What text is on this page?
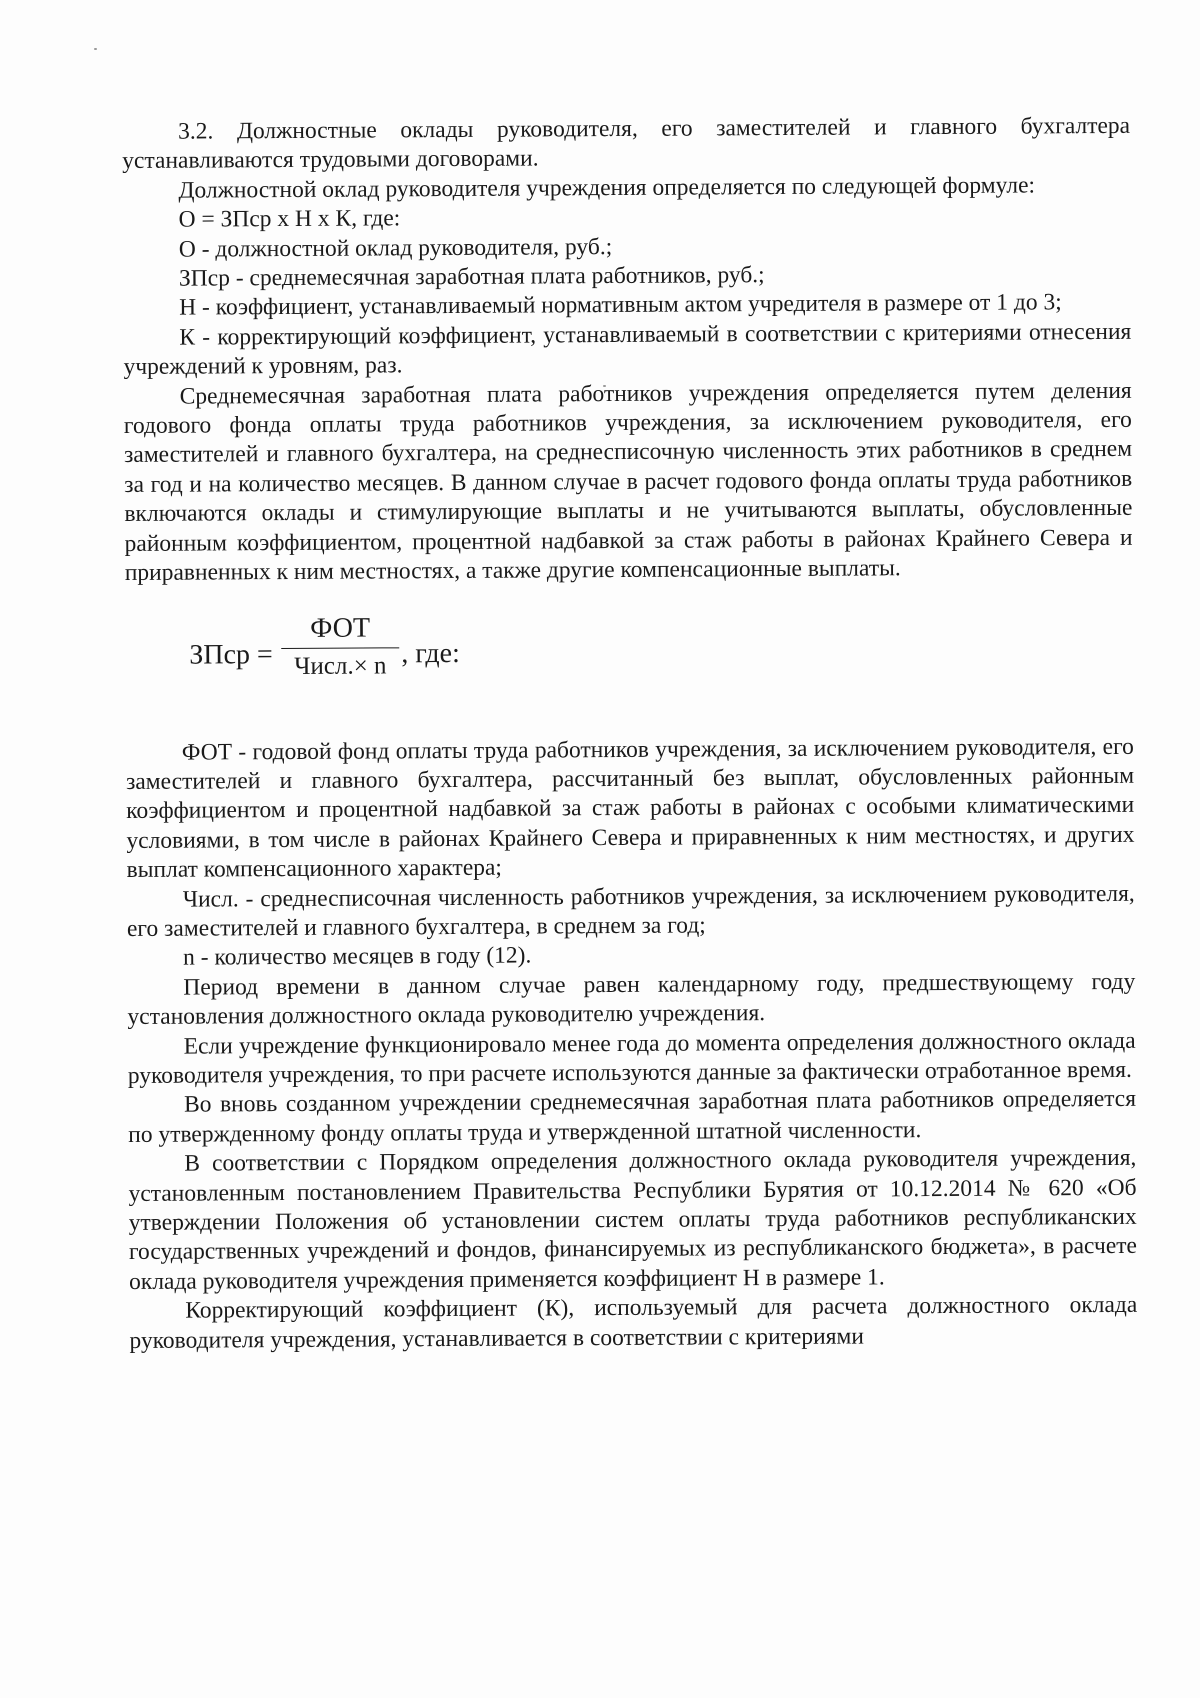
3.2. Должностные оклады руководителя, его заместителей и главного бухгалтера устанавливаются трудовыми договорами.

Должностной оклад руководителя учреждения определяется по следующей формуле:

О = ЗПср х Н х К, где:

О - должностной оклад руководителя, руб.;

ЗПср - среднемесячная заработная плата работников, руб.;

Н - коэффициент, устанавливаемый нормативным актом учредителя в размере от 1 до 3;

К - корректирующий коэффициент, устанавливаемый в соответствии с критериями отнесения учреждений к уровням, раз.

Среднемесячная заработная плата работников учреждения определяется путем деления годового фонда оплаты труда работников учреждения, за исключением руководителя, его заместителей и главного бухгалтера, на среднесписочную численность этих работников в среднем за год и на количество месяцев. В данном случае в расчет годового фонда оплаты труда работников включаются оклады и стимулирующие выплаты и не учитываются выплаты, обусловленные районным коэффициентом, процентной надбавкой за стаж работы в районах Крайнего Севера и приравненных к ним местностях, а также другие компенсационные выплаты.

ЗПср =
ФОТ
Числ.× n , где:

ФОТ - годовой фонд оплаты труда работников учреждения, за исключением руководителя, его заместителей и главного бухгалтера, рассчитанный без выплат, обусловленных районным коэффициентом и процентной надбавкой за стаж работы в районах с особыми климатическими условиями, в том числе в районах Крайнего Севера и приравненных к ним местностях, и других выплат компенсационного характера;

Числ. - среднесписочная численность работников учреждения, за исключением руководителя, его заместителей и главного бухгалтера, в среднем за год;

n - количество месяцев в году (12).

Период времени в данном случае равен календарному году, предшествующему году установления должностного оклада руководителю учреждения.

Если учреждение функционировало менее года до момента определения должностного оклада руководителя учреждения, то при расчете используются данные за фактически отработанное время.

Во вновь созданном учреждении среднемесячная заработная плата работников определяется по утвержденному фонду оплаты труда и утвержденной штатной численности.

В соответствии с Порядком определения должностного оклада руководителя учреждения, установленным постановлением Правительства Республики Бурятия от 10.12.2014 № 620 «Об утверждении Положения об установлении систем оплаты труда работников республиканских государственных учреждений и фондов, финансируемых из республиканского бюджета», в расчете оклада руководителя учреждения применяется коэффициент Н в размере 1.

Корректирующий коэффициент (К), используемый для расчета должностного оклада руководителя учреждения, устанавливается в соответствии с критериями
